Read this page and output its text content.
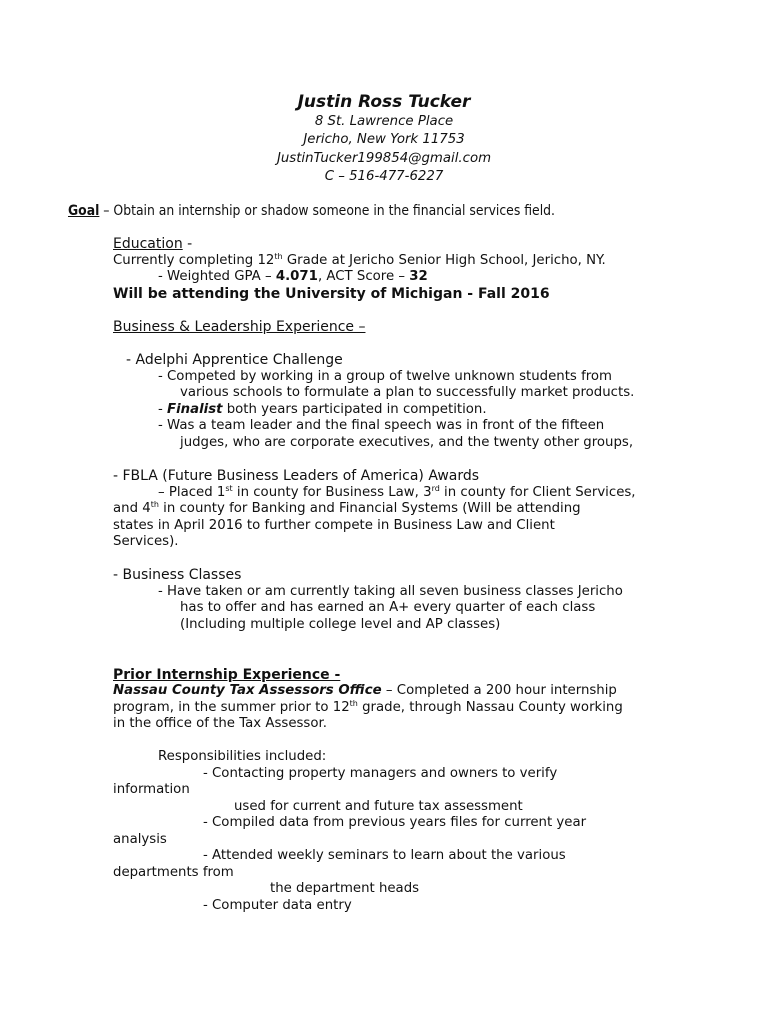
Justin Ross Tucker
8 St. Lawrence Place
Jericho, New York 11753
JustinTucker199854@gmail.com
C – 516-477-6227
Goal – Obtain an internship or shadow someone in the financial services field.
Education -
Currently completing 12th Grade at Jericho Senior High School, Jericho, NY.
- Weighted GPA – 4.071, ACT Score – 32
Will be attending the University of Michigan - Fall 2016
Business & Leadership Experience –
- Adelphi Apprentice Challenge
- Competed by working in a group of twelve unknown students from
various schools to formulate a plan to successfully market products.
- Finalist both years participated in competition.
- Was a team leader and the final speech was in front of the fifteen
judges, who are corporate executives, and the twenty other groups,
- FBLA (Future Business Leaders of America) Awards
– Placed 1st in county for Business Law, 3rd in county for Client Services,
and 4th in county for Banking and Financial Systems (Will be attending
states in April 2016 to further compete in Business Law and Client
Services).
- Business Classes
- Have taken or am currently taking all seven business classes Jericho
has to offer and has earned an A+ every quarter of each class
(Including multiple college level and AP classes)
Prior Internship Experience -
Nassau County Tax Assessors Office – Completed a 200 hour internship
program, in the summer prior to 12th grade, through Nassau County working
in the office of the Tax Assessor.
Responsibilities included:
- Contacting property managers and owners to verify
information
used for current and future tax assessment
- Compiled data from previous years files for current year
analysis
- Attended weekly seminars to learn about the various
departments from
the department heads
- Computer data entry
